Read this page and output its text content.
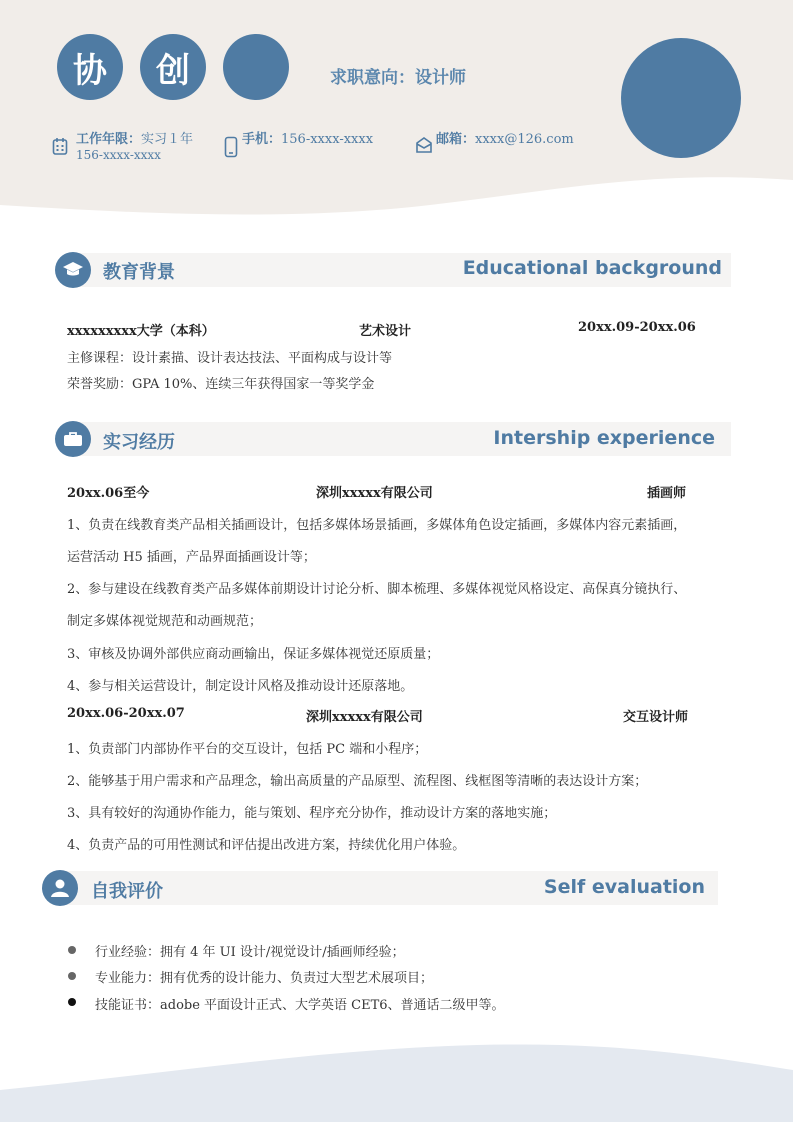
协	创	求职意向：设计师
工作年限：实习１年
156-xxxx-xxxx
手机：156-xxxx-xxxx	邮箱：xxxx@126.com
教育背景	Educational background
xxxxxxxxx大学（本科）	艺术设计	20xx.09-20xx.06
主修课程：设计素描、设计表达技法、平面构成与设计等
荣誉奖励：GPA 10%、连续三年获得国家一等奖学金
实习经历	Intership experience
20xx.06至今	深圳xxxxx有限公司	插画师
1、负责在线教育类产品相关插画设计，包括多媒体场景插画，多媒体角色设定插画，多媒体内容元素插画，
运营活动 H5 插画，产品界面插画设计等；
2、参与建设在线教育类产品多媒体前期设计讨论分析、脚本梳理、多媒体视觉风格设定、高保真分镜执行、
制定多媒体视觉规范和动画规范；
3、审核及协调外部供应商动画输出，保证多媒体视觉还原质量；
4、参与相关运营设计，制定设计风格及推动设计还原落地。
20xx.06-20xx.07	深圳xxxxx有限公司	交互设计师
1、负责部门内部协作平台的交互设计，包括 PC 端和小程序；
2、能够基于用户需求和产品理念，输出高质量的产品原型、流程图、线框图等清晰的表达设计方案；
3、具有较好的沟通协作能力，能与策划、程序充分协作，推动设计方案的落地实施；
4、负责产品的可用性测试和评估提出改进方案，持续优化用户体验。
自我评价	Self evaluation
行业经验：拥有 4 年 UI 设计/视觉设计/插画师经验；
专业能力：拥有优秀的设计能力、负责过大型艺术展项目；
技能证书：adobe 平面设计正式、大学英语 CET6、普通话二级甲等。
